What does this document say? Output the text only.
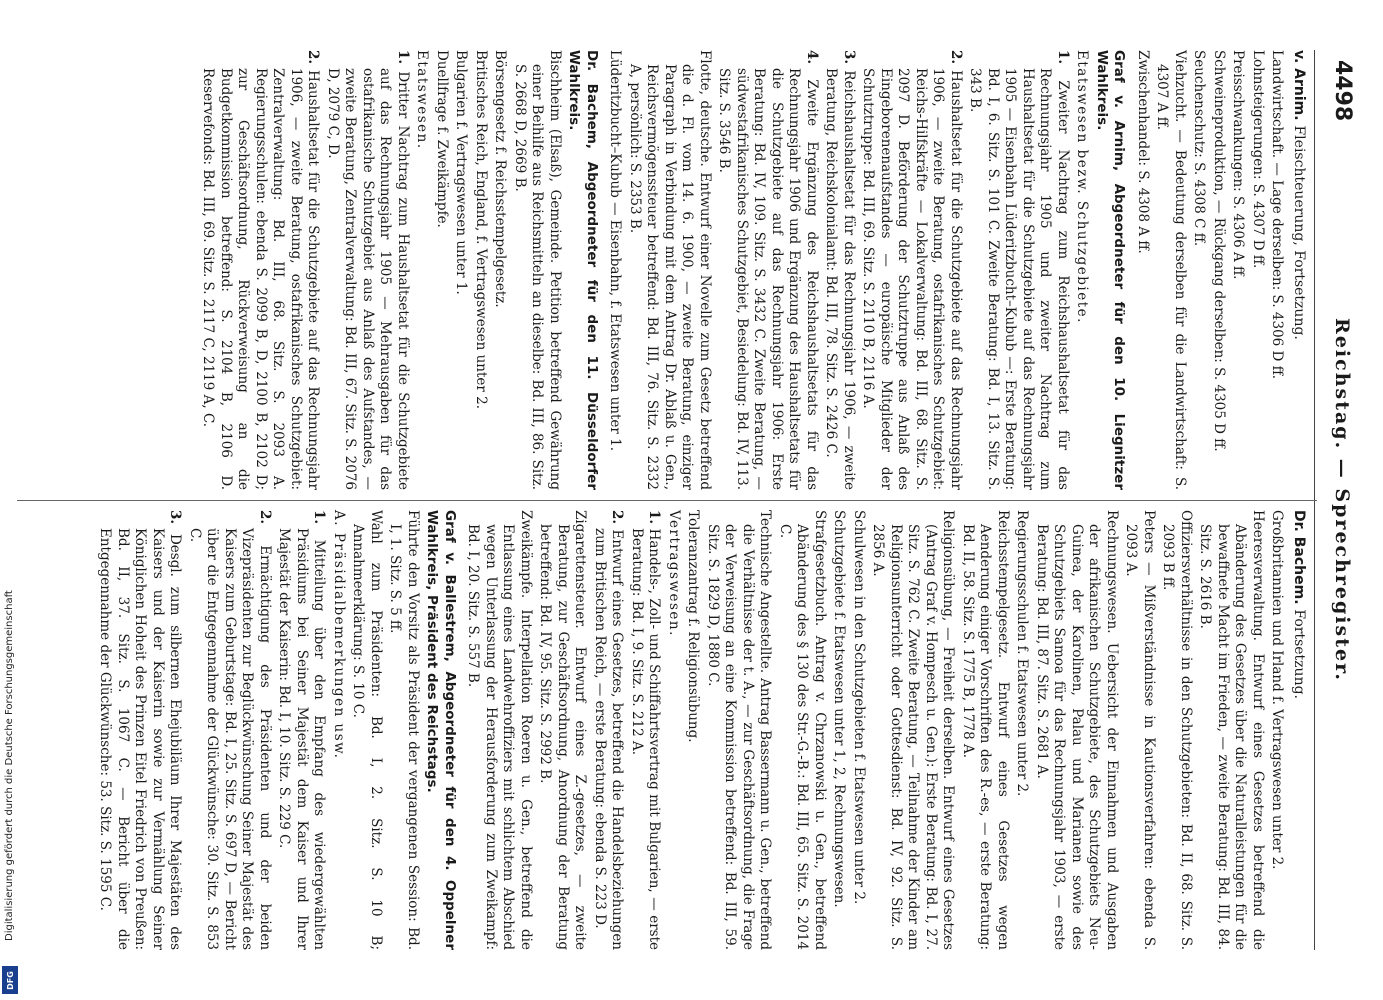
4498
Reichstag. — Sprechregister.
v. Arnim. Fleischteuerung, Fortsetzung.
Landwirtschaft. — Lage derselben: S. 4306 D ff.
Lohnsteigerungen: S. 4307 D ff.
Preisschwankungen: S. 4306 A ff.
Schweineproduktion, — Rückgang derselben: S. 4305 D ff.
Seuchenschutz: S. 4308 C ff.
Viehzucht. — Bedeutung derselben für die Landwirtschaft: S. 4307 A ff.
Zwischenhandel: S. 4308 A ff.
Graf v. Arnim, Abgeordneter für den 10. Liegnitzer Wahlkreis.
Etatswesen bezw. Schutzgebiete.
1. Zweiter Nachtrag zum Reichshaushaltsetat für das Rechnungsjahr 1905 und zweiter Nachtrag zum Haushaltsetat für die Schutzgebiete auf das Rechnungsjahr 1905 — Eisenbahn Lüderitzbucht–Kubub —: Erste Beratung: Bd. I, 6. Sitz. S. 101 C. Zweite Beratung: Bd. I, 13. Sitz. S. 343 B.
2. Haushaltsetat für die Schutzgebiete auf das Rechnungsjahr 1906, — zweite Beratung, ostafrikanisches Schutzgebiet: Reichs-Hilfskräfte — Lokalverwaltung: Bd. III, 68. Sitz. S. 2097 D. Beförderung der Schutztruppe aus Anlaß des Eingeborenenaufstandes — europäische Mitglieder der Schutztruppe: Bd. III, 69. Sitz. S. 2110 B, 2116 A.
3. Reichshaushaltsetat für das Rechnungsjahr 1906, — zweite Beratung, Reichskolonialamt: Bd. III, 78. Sitz. S. 2426 C.
4. Zweite Ergänzung des Reichshaushaltsetats für das Rechnungsjahr 1906 und Ergänzung des Haushaltsetats für die Schutzgebiete auf das Rechnungsjahr 1906: Erste Beratung: Bd. IV, 109. Sitz. S. 3432 C. Zweite Beratung, — südwestafrikanisches Schutzgebiet, Besiedelung: Bd. IV, 113. Sitz. S. 3546 B.
Flotte, deutsche. Entwurf einer Novelle zum Gesetz betreffend die d. Fl. vom 14. 6. 1900, — zweite Beratung, einziger Paragraph in Verbindung mit dem Antrag Dr. Ablaß u. Gen., Reichsvermögenssteuer betreffend: Bd. III, 76. Sitz. S. 2332 A, persönlich: S. 2353 B.
Lüderitzbucht–Kubub — Eisenbahn, f. Etatswesen unter 1.
Dr. Bachem, Abgeordneter für den 11. Düsseldorfer Wahlkreis.
Bischheim (Elsaß), Gemeinde. Petition betreffend Gewährung einer Beihilfe aus Reichsmitteln an dieselbe: Bd. III, 86. Sitz. S. 2668 D, 2669 B.
Börsengesetz f. Reichsstempelgesetz.
Britisches Reich, England, f. Vertragswesen unter 2.
Bulgarien f. Vertragswesen unter 1.
Duellfrage f. Zweikämpfe.
Etatswesen.
1. Dritter Nachtrag zum Haushaltsetat für die Schutzgebiete auf das Rechnungsjahr 1905 — Mehrausgaben für das ostafrikanische Schutzgebiet aus Anlaß des Aufstandes, — zweite Beratung, Zentralverwaltung: Bd. III, 67. Sitz. S. 2076 D, 2079 C, D.
2. Haushaltsetat für die Schutzgebiete auf das Rechnungsjahr 1906, — zweite Beratung, ostafrikanisches Schutzgebiet: Zentralverwaltung: Bd. III, 68. Sitz. S. 2093 A. Regierungsschulen: ebenda S. 2099 B, D, 2100 B, 2102 D; zur Geschäftsordnung, Rückverweisung an die Budgetkommission betreffend: S. 2104 B, 2106 D. Reservefonds: Bd. III, 69. Sitz. S. 2117 C, 2119 A, C.
Dr. Bachem. Fortsetzung.
Großbritannien und Irland f. Vertragswesen unter 2.
Heeresverwaltung. Entwurf eines Gesetzes betreffend die Abänderung des Gesetzes über die Naturalleistungen für die bewaffnete Macht im Frieden, — zweite Beratung: Bd. III, 84. Sitz. S. 2616 B.
Offiziersverhältnisse in den Schutzgebieten: Bd. II, 68. Sitz. S. 2093 B ff.
Peters — Mißverständnisse in Kautionsverfahren: ebenda S. 2093 A.
Rechnungswesen. Uebersicht der Einnahmen und Ausgaben der afrikanischen Schutzgebiete, des Schutzgebiets Neu-Guinea, der Karolinen, Palau und Marianen sowie des Schutzgebiets Samoa für das Rechnungsjahr 1903, — erste Beratung: Bd. III, 87. Sitz. S. 2681 A.
Regierungsschulen f. Etatswesen unter 2.
Reichsstempelgesetz. Entwurf eines Gesetzes wegen Aenderung einiger Vorschriften des R.-es, — erste Beratung: Bd. II, 58. Sitz. S. 1775 B, 1778 A.
Religionsübung, — Freiheit derselben. Entwurf eines Gesetzes (Antrag Graf v. Hompesch u. Gen.): Erste Beratung: Bd. I, 27. Sitz. S. 762 C. Zweite Beratung, — Teilnahme der Kinder am Religionsunterricht oder Gottesdienst: Bd. IV, 92. Sitz. S. 2856 A.
Schulwesen in den Schutzgebieten f. Etatswesen unter 2.
Schutzgebiete f. Etatswesen unter 1, 2, Rechnungswesen.
Strafgesetzbuch. Antrag v. Chrzanowski u. Gen., betreffend Abänderung des § 130 des Str.-G.-B.: Bd. III, 65. Sitz. S. 2014 C.
Technische Angestellte. Antrag Bassermann u. Gen., betreffend die Verhältnisse der t. A., — zur Geschäftsordnung, die Frage der Verweisung an eine Kommission betreffend: Bd. III, 59. Sitz. S. 1829 D, 1880 C.
Toleranzantrag f. Religionsübung.
Vertragswesen.
1. Handels-, Zoll- und Schiffahrtsvertrag mit Bulgarien, — erste Beratung: Bd. I, 9. Sitz. S. 212 A.
2. Entwurf eines Gesetzes, betreffend die Handelsbeziehungen zum Britischen Reich, — erste Beratung: ebenda S. 223 D.
Zigarettensteuer. Entwurf eines Z.-gesetzes, — zweite Beratung, zur Geschäftsordnung, Anordnung der Beratung betreffend: Bd. IV, 95. Sitz. S. 2992 B.
Zweikämpfe. Interpellation Roeren u. Gen., betreffend die Entlassung eines Landwehroffiziers mit schlichtem Abschied wegen Unterlassung der Herausforderung zum Zweikampf: Bd. I, 20. Sitz. S. 557 B.
Graf v. Ballestrem, Abgeordneter für den 4. Oppelner Wahlkreis, Präsident des Reichstags.
Führte den Vorsitz als Präsident der vergangenen Session: Bd. I, 1. Sitz. S. 5 ff.
Wahl zum Präsidenten: Bd. I, 2. Sitz. S. 10 B; Annahmeerklärung: S. 10 C.
A. Präsidialbemerkungen usw.
1. Mitteilung über den Empfang des wiedergewählten Präsidiums bei Seiner Majestät dem Kaiser und Ihrer Majestät der Kaiserin: Bd. I, 10. Sitz. S. 229 C.
2. Ermächtigung des Präsidenten und der beiden Vizepräsidenten zur Beglückwünschung Seiner Majestät des Kaisers zum Geburtstage: Bd. I, 25. Sitz. S. 697 D, — Bericht über die Entgegennahme der Glückwünsche: 30. Sitz. S. 853 C.
3. Desgl. zum silbernen Ehejubiläum Ihrer Majestäten des Kaisers und der Kaiserin sowie zur Vermählung Seiner Königlichen Hoheit des Prinzen Eitel Friedrich von Preußen: Bd. II, 37. Sitz. S. 1067 C. — Bericht über die Entgegennahme der Glückwünsche: 53. Sitz. S. 1595 C.
Digitalisierung gefördert durch die Deutsche Forschungsgemeinschaft
DFG
